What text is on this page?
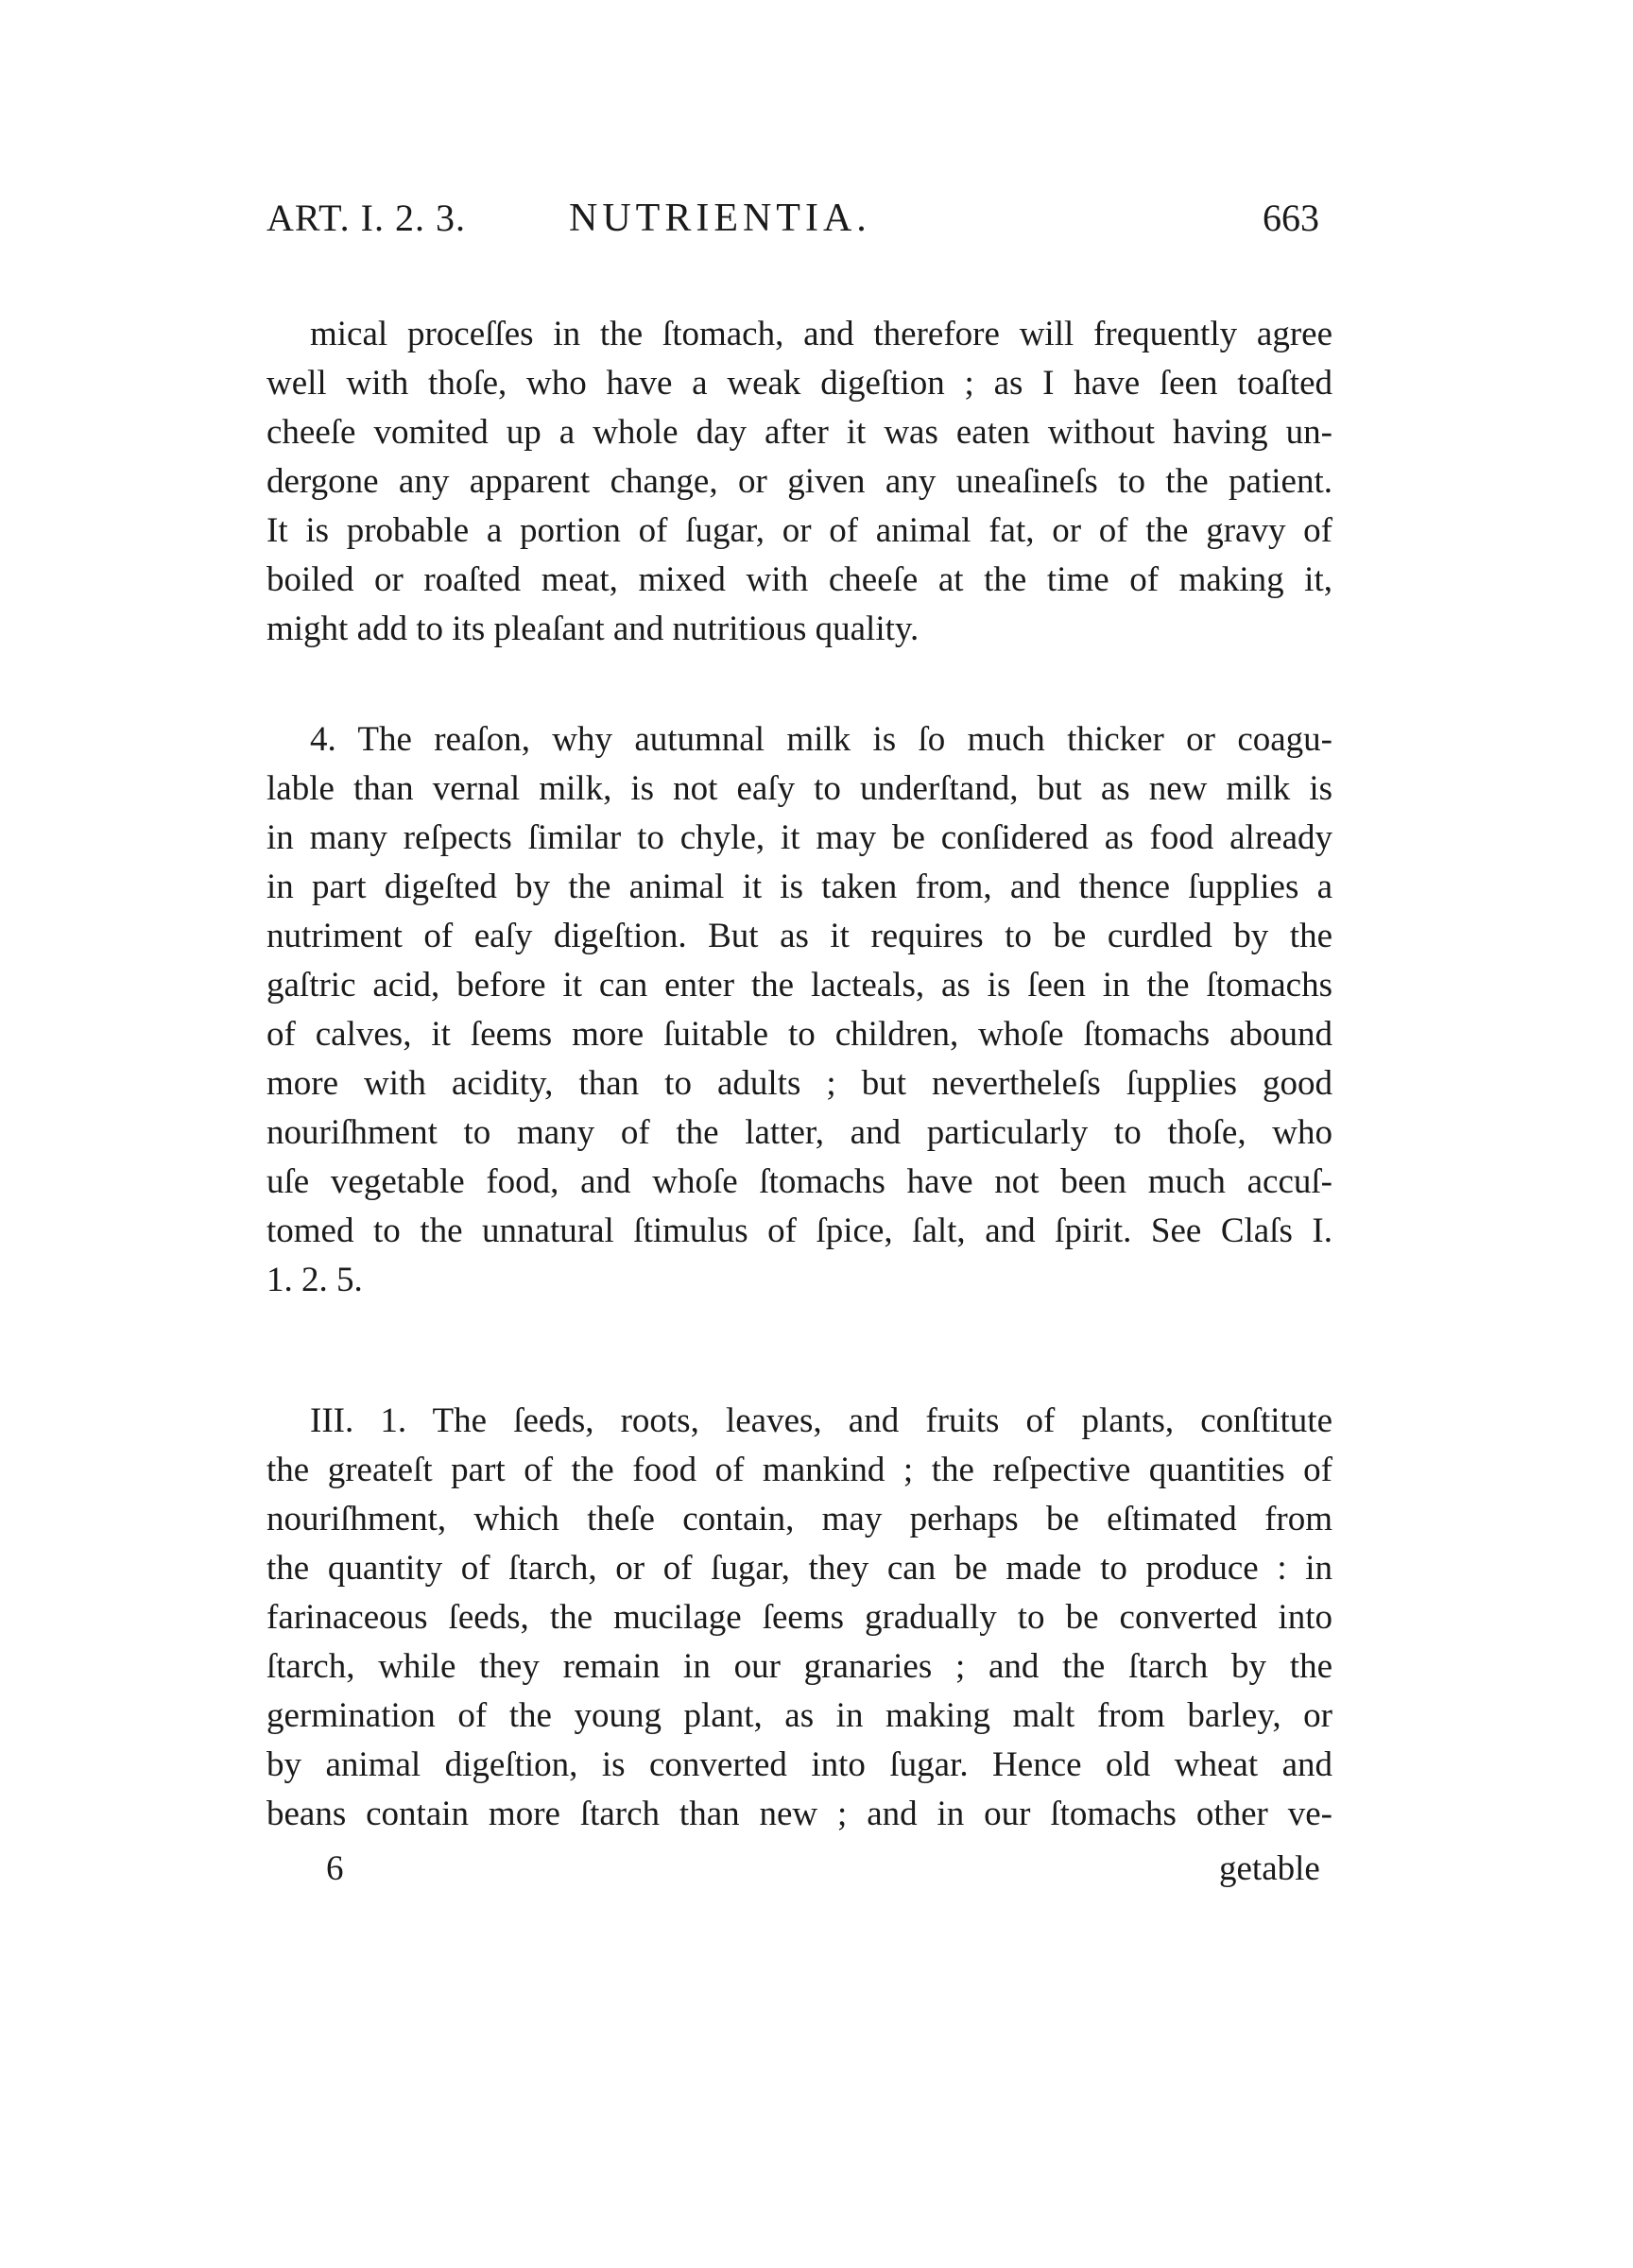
ART. I. 2. 3.	NUTRIENTIA.	663
mical proceſſes in the ſtomach, and therefore will frequently agree
well with thoſe, who have a weak digeſtion ; as I have ſeen toaſted
cheeſe vomited up a whole day after it was eaten without having un-
dergone any apparent change, or given any uneaſineſs to the patient.
It is probable a portion of ſugar, or of animal fat, or of the gravy of
boiled or roaſted meat, mixed with cheeſe at the time of making it,
might add to its pleaſant and nutritious quality.
4. The reaſon, why autumnal milk is ſo much thicker or coagu-
lable than vernal milk, is not eaſy to underſtand, but as new milk is
in many reſpects ſimilar to chyle, it may be conſidered as food already
in part digeſted by the animal it is taken from, and thence ſupplies a
nutriment of eaſy digeſtion. But as it requires to be curdled by the
gaſtric acid, before it can enter the lacteals, as is ſeen in the ſtomachs
of calves, it ſeems more ſuitable to children, whoſe ſtomachs abound
more with acidity, than to adults ; but nevertheleſs ſupplies good
nouriſhment to many of the latter, and particularly to thoſe, who
uſe vegetable food, and whoſe ſtomachs have not been much accuſ-
tomed to the unnatural ſtimulus of ſpice, ſalt, and ſpirit. See Claſs I.
1. 2. 5.
III. 1. The ſeeds, roots, leaves, and fruits of plants, conſtitute
the greateſt part of the food of mankind ; the reſpective quantities of
nouriſhment, which theſe contain, may perhaps be eſtimated from
the quantity of ſtarch, or of ſugar, they can be made to produce : in
farinaceous ſeeds, the mucilage ſeems gradually to be converted into
ſtarch, while they remain in our granaries ; and the ſtarch by the
germination of the young plant, as in making malt from barley, or
by animal digeſtion, is converted into ſugar. Hence old wheat and
beans contain more ſtarch than new ; and in our ſtomachs other ve-
6	getable
